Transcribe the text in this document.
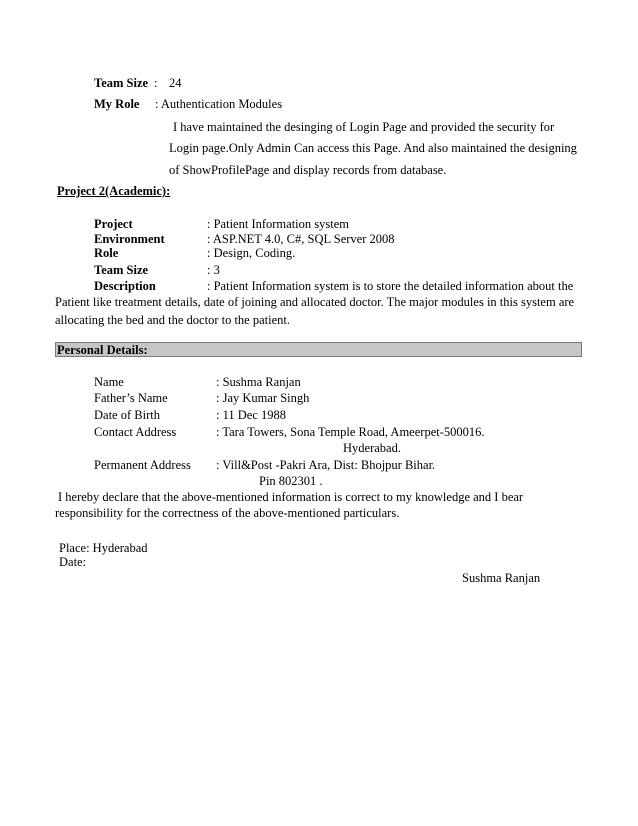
Team Size : 24
My Role : Authentication Modules
I have maintained the desinging of Login Page and provided the security for
Login page.Only Admin Can access this Page. And also maintained the designing
of ShowProfilePage and display records from database.
Project 2(Academic):
Project	: Patient Information system
Environment	: ASP.NET 4.0, C#, SQL Server 2008
Role	: Design, Coding.
Team Size	: 3
Description	: Patient Information system is to store the detailed information about the
Patient like treatment details, date of joining and allocated doctor. The major modules in this system are
allocating the bed and the doctor to the patient.
Personal Details:
Name	: Sushma Ranjan
Father’s Name	: Jay Kumar Singh
Date of Birth	: 11 Dec 1988
Contact Address	: Tara Towers, Sona Temple Road, Ameerpet-500016.
Hyderabad.
Permanent Address : Vill&Post -Pakri Ara, Dist: Bhojpur Bihar.
Pin 802301 .
I hereby declare that the above-mentioned information is correct to my knowledge and I bear
responsibility for the correctness of the above-mentioned particulars.
Place: Hyderabad
Date:
Sushma Ranjan
